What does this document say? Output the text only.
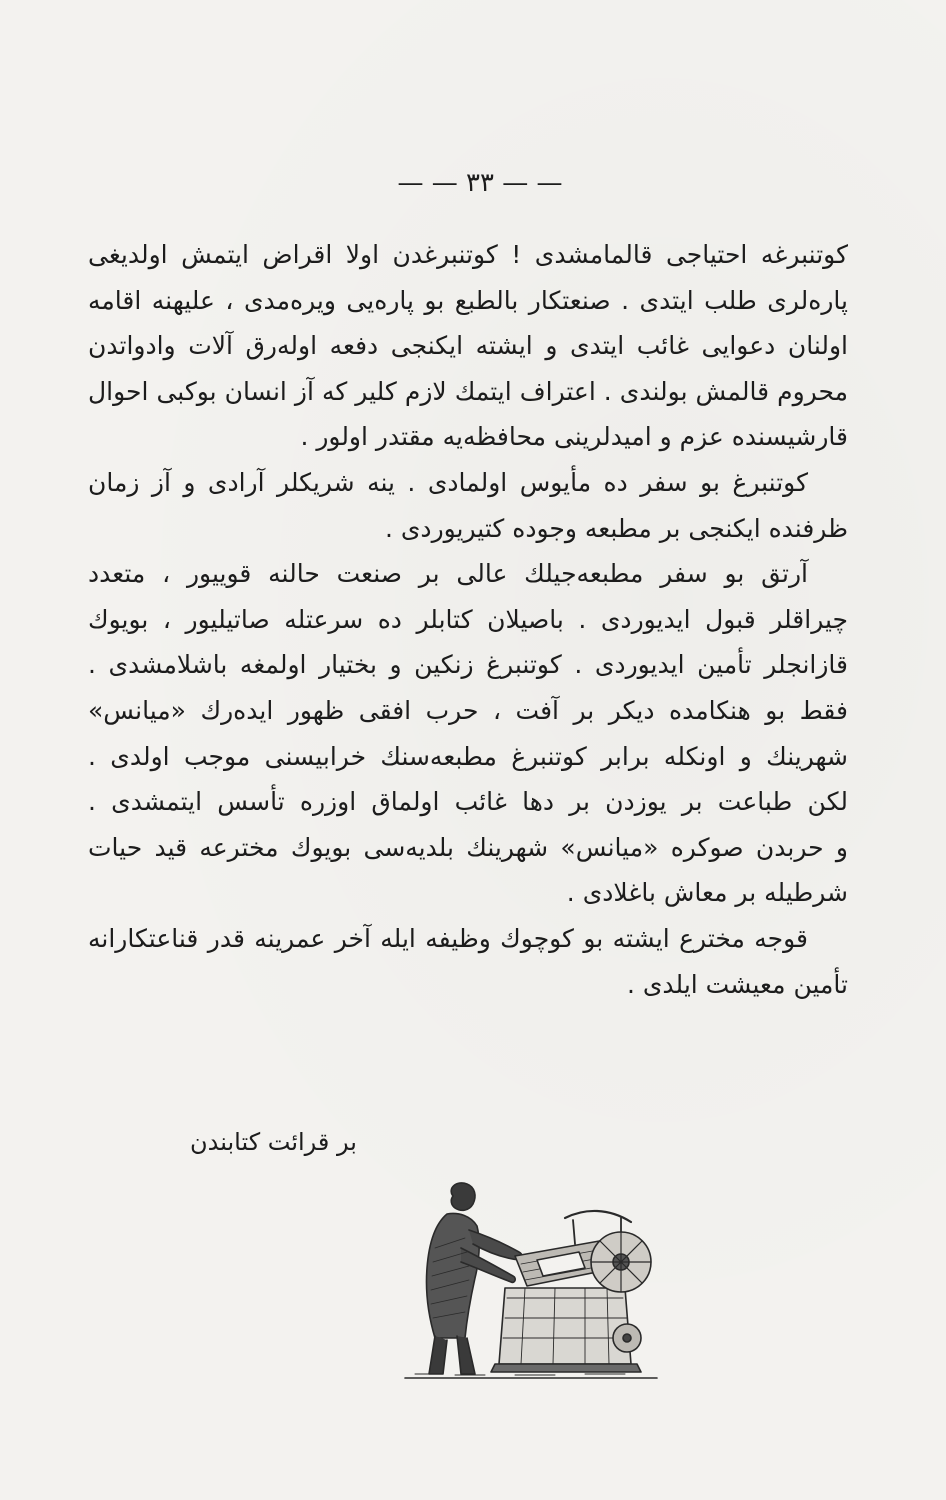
— — ٣٣ — —
كوتنبرغه احتياجى قالمامشدى ! كوتنبرغدن اولا اقراض ايتمش اولديغى
پاره‌لرى طلب ايتدى . صنعتكار بالطبع بو پاره‌يى ويره‌مدى ، عليهنه اقامه
اولنان دعوايى غائب ايتدى و ايشته ايكنجى دفعه اوله‌رق آلات وادواتدن
محروم قالمش بولندى . اعتراف ايتمك لازم كلير كه آز انسان بوكبى احوال
قارشيسنده عزم و اميدلرينى محافظه‌يه مقتدر اولور .
كوتنبرغ بو سفر ده مأيوس اولمادى . ينه شريكلر آرادى و آز زمان
ظرفنده ايكنجى بر مطبعه وجوده كتيريوردى .
آرتق بو سفر مطبعه‌جيلك عالى بر صنعت حالنه قوييور ، متعدد
چيراقلر قبول ايديوردى . باصيلان كتابلر ده سرعتله صاتيليور ، بويوك
قازانجلر تأمين ايديوردى . كوتنبرغ زنكين و بختيار اولمغه باشلامشدى .
فقط بو هنكامده ديكر بر آفت ، حرب افقى ظهور ايده‌رك «ميانس»
شهرينك و اونكله برابر كوتنبرغ مطبعه‌سنك خرابيسنى موجب اولدى .
لكن طباعت بر يوزدن بر دها غائب اولماق اوزره تأسس ايتمشدى .
و حربدن صوكره «ميانس» شهرينك بلديه‌سى بويوك مخترعه قيد حيات
شرطيله بر معاش باغلادى .
قوجه مخترع ايشته بو كوچوك وظيفه ايله آخر عمرينه قدر قناعتكارانه
تأمين معيشت ايلدى .
بر قرائت كتابندن
